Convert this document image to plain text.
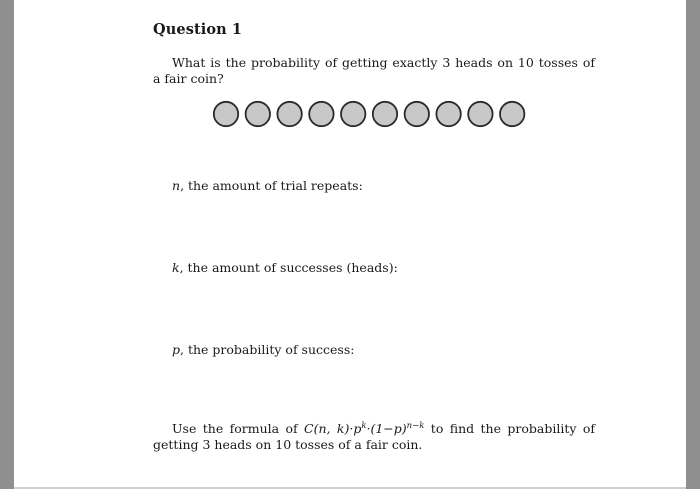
Question 1
What is the probability of getting exactly 3 heads on 10 tosses of a fair coin?
n, the amount of trial repeats:
k, the amount of successes (heads):
p, the probability of success:
Use the formula of C(n, $k)\cdot p^k\cdot(1-p)^{n-k}$ to find the probability of getting 3 heads on 10 tosses of a fair coin.
